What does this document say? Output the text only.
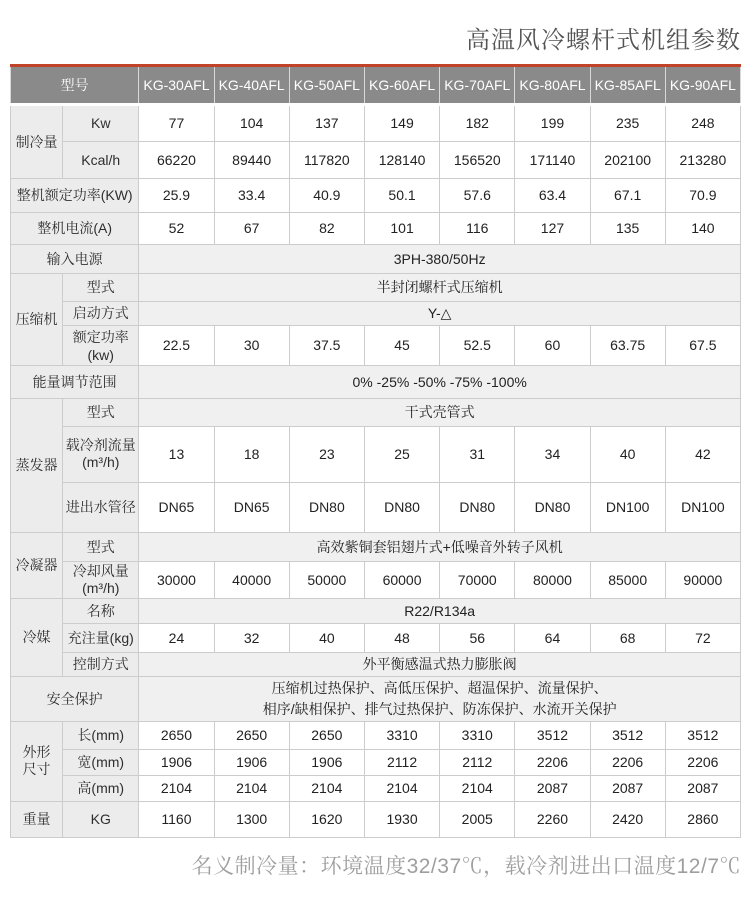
高温风冷螺杆式机组参数
型号		KG-30AFL	KG-40AFL	KG-50AFL	KG-60AFL	KG-70AFL	KG-80AFL	KG-85AFL	KG-90AFL
制冷量	Kw	77	104	137	149	182	199	235	248
	Kcal/h	66220	89440	117820	128140	156520	171140	202100	213280
整机额定功率(KW)		25.9	33.4	40.9	50.1	57.6	63.4	67.1	70.9
整机电流(A)		52	67	82	101	116	127	135	140
输入电源		3PH-380/50Hz							
压缩机	型式	半封闭螺杆式压缩机							
	启动方式	Y-△							
	额定功率(kw)	22.5	30	37.5	45	52.5	60	63.75	67.5
能量调节范围		0% -25% -50% -75% -100%							
蒸发器	型式	干式壳管式							

	载冷剂流量
(m³/h)	13	18	23	25	31	34	40	42
	进出水管径	DN65	DN65	DN80	DN80	DN80	DN80	DN100	DN100
冷凝器	型式	高效紫铜套铝翅片式+低噪音外转子风机							

	冷却风量
(m³/h)	30000	40000	50000	60000	70000	80000	85000	90000
冷媒	名称	R22/R134a							
	充注量(kg)	24	32	40	48	56	64	68	72
	控制方式	外平衡感温式热力膨胀阀							
安全保护		压缩机过热保护、高低压保护、超温保护、流量保护、
相序/缺相保护、排气过热保护、防冻保护、水流开关保护							

外形
尺寸	长(mm)	2650	2650	2650	3310	3310	3512	3512	3512
	宽(mm)	1906	1906	1906	2112	2112	2206	2206	2206
	高(mm)	2104	2104	2104	2104	2104	2087	2087	2087
重量	KG	1160	1300	1620	1930	2005	2260	2420	2860

名义制冷量：环境温度32/37℃，载冷剂进出口温度12/7℃
